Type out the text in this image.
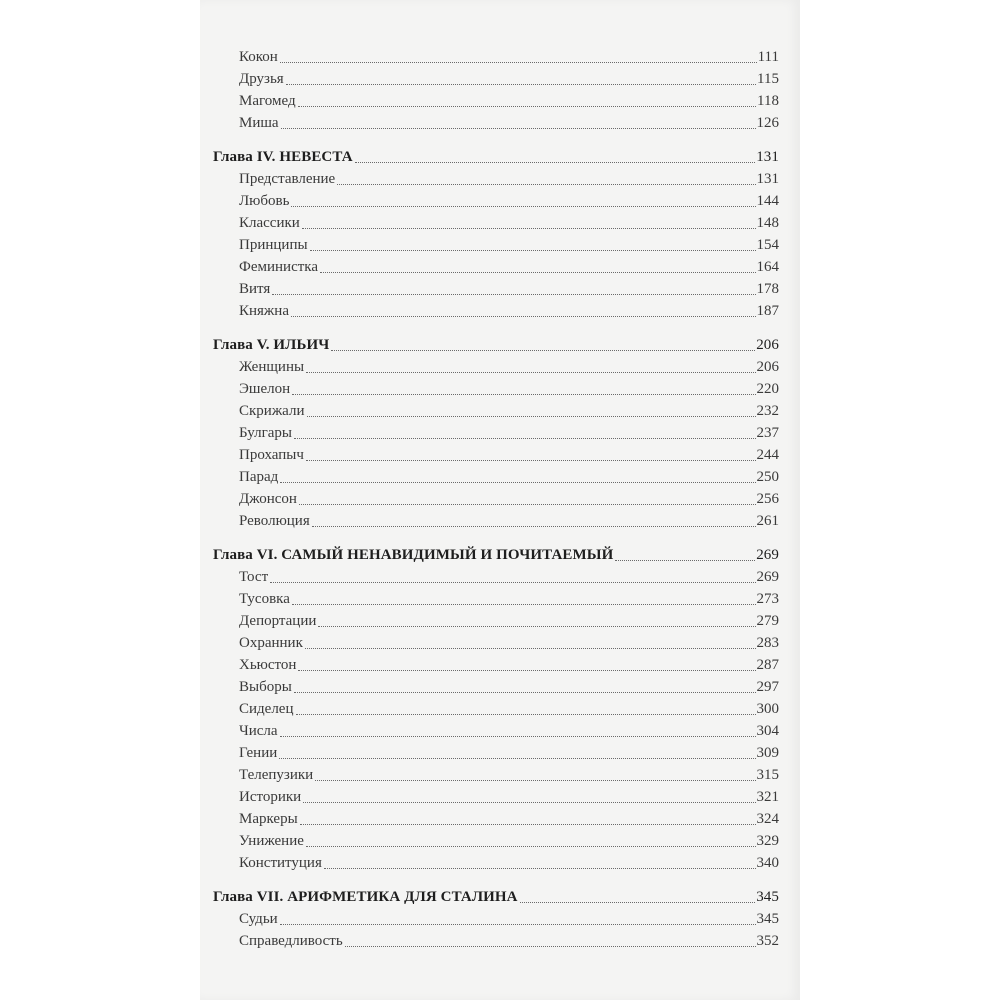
Кокон	111
Друзья	115
Магомед	118
Миша	126
Глава IV. НЕВЕСТА	131
Представление	131
Любовь	144
Классики	148
Принципы	154
Феминистка	164
Витя	178
Княжна	187
Глава V. ИЛЬИЧ	206
Женщины	206
Эшелон	220
Скрижали	232
Булгары	237
Прохапыч	244
Парад	250
Джонсон	256
Революция	261
Глава VI. САМЫЙ НЕНАВИДИМЫЙ И ПОЧИТАЕМЫЙ	269
Тост	269
Тусовка	273
Депортации	279
Охранник	283
Хьюстон	287
Выборы	297
Сиделец	300
Числа	304
Гении	309
Телепузики	315
Историки	321
Маркеры	324
Унижение	329
Конституция	340
Глава VII. АРИФМЕТИКА ДЛЯ СТАЛИНА	345
Судьи	345
Справедливость	352
